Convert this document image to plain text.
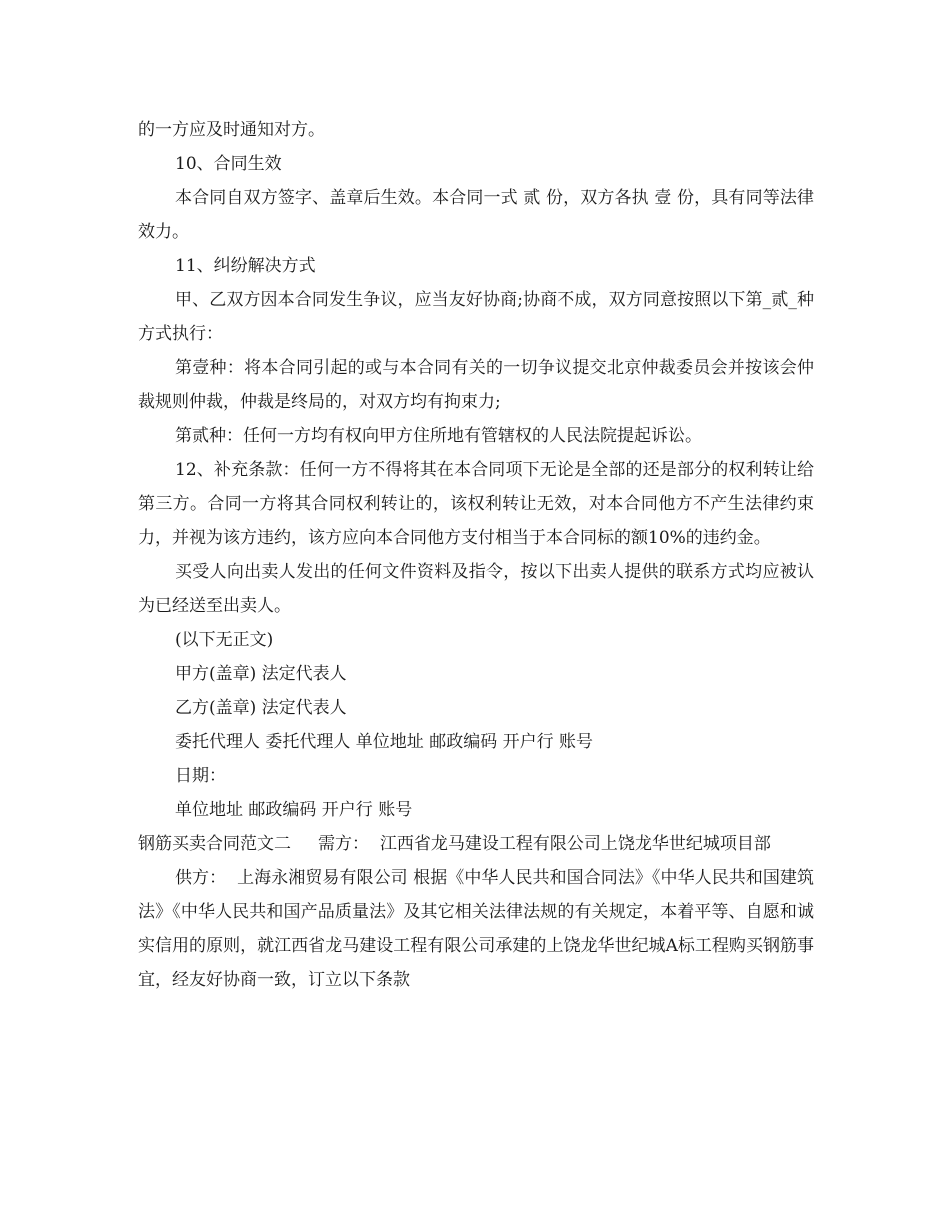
的一方应及时通知对方。

10、合同生效

本合同自双方签字、盖章后生效。本合同一式 贰 份，双方各执 壹 份，具有同等法律效力。

11、纠纷解决方式

甲、乙双方因本合同发生争议，应当友好协商;协商不成，双方同意按照以下第_贰_种方式执行：

第壹种：将本合同引起的或与本合同有关的一切争议提交北京仲裁委员会并按该会仲裁规则仲裁，仲裁是终局的，对双方均有拘束力;

第贰种：任何一方均有权向甲方住所地有管辖权的人民法院提起诉讼。

12、补充条款：任何一方不得将其在本合同项下无论是全部的还是部分的权利转让给第三方。合同一方将其合同权利转让的，该权利转让无效，对本合同他方不产生法律约束力，并视为该方违约，该方应向本合同他方支付相当于本合同标的额10%的违约金。

买受人向出卖人发出的任何文件资料及指令，按以下出卖人提供的联系方式均应被认为已经送至出卖人。

(以下无正文)

甲方(盖章) 法定代表人

乙方(盖章) 法定代表人

委托代理人 委托代理人 单位地址 邮政编码 开户行 账号

日期：

单位地址 邮政编码 开户行 账号

钢筋买卖合同范文二     需方：  江西省龙马建设工程有限公司上饶龙华世纪城项目部

供方：  上海永湘贸易有限公司 根据《中华人民共和国合同法》《中华人民共和国建筑法》《中华人民共和国产品质量法》及其它相关法律法规的有关规定，本着平等、自愿和诚实信用的原则，就江西省龙马建设工程有限公司承建的上饶龙华世纪城A标工程购买钢筋事宜，经友好协商一致，订立以下条款
